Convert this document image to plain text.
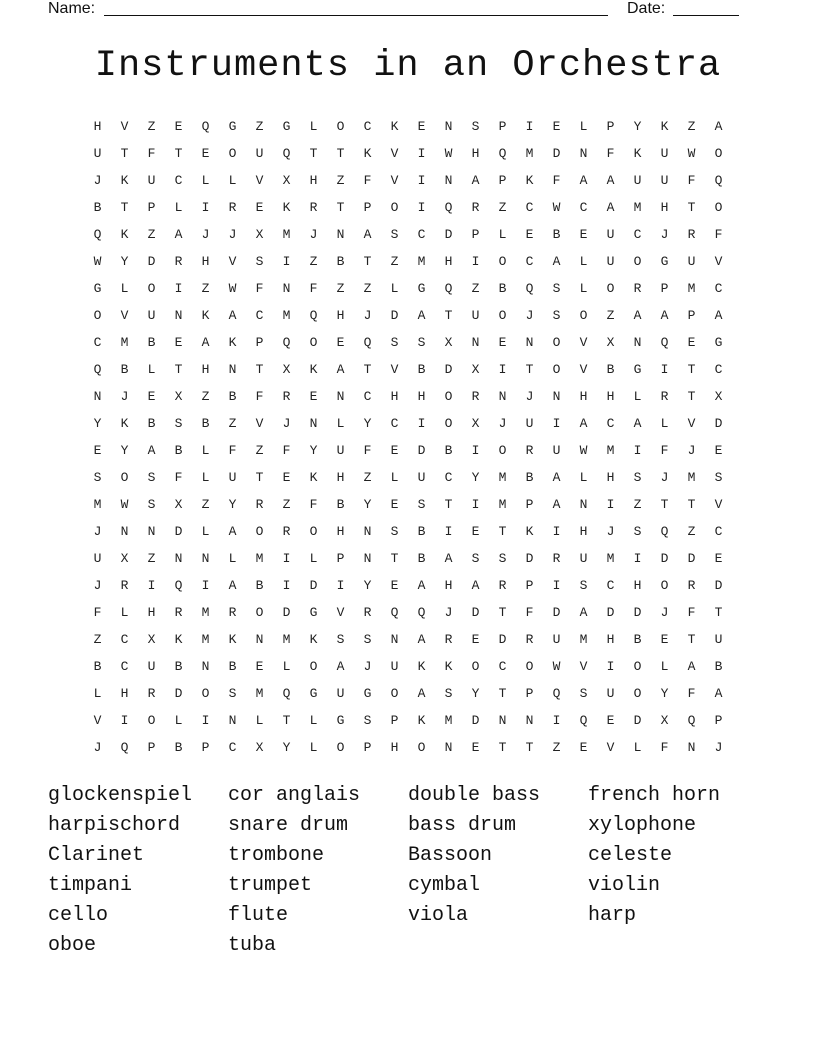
Name:	Date:
Instruments in an Orchestra
H	V	Z	E	Q	G	Z	G	L	O	C	K	E	N	S	P	I	E	L	P	Y	K	Z	A
U	T	F	T	E	O	U	Q	T	T	K	V	I	W	H	Q	M	D	N	F	K	U	W	O
J	K	U	C	L	L	V	X	H	Z	F	V	I	N	A	P	K	F	A	A	U	U	F	Q
B	T	P	L	I	R	E	K	R	T	P	O	I	Q	R	Z	C	W	C	A	M	H	T	O
Q	K	Z	A	J	J	X	M	J	N	A	S	C	D	P	L	E	B	E	U	C	J	R	F
W	Y	D	R	H	V	S	I	Z	B	T	Z	M	H	I	O	C	A	L	U	O	G	U	V
G	L	O	I	Z	W	F	N	F	Z	Z	L	G	Q	Z	B	Q	S	L	O	R	P	M	C
O	V	U	N	K	A	C	M	Q	H	J	D	A	T	U	O	J	S	O	Z	A	A	P	A
C	M	B	E	A	K	P	Q	O	E	Q	S	S	X	N	E	N	O	V	X	N	Q	E	G
Q	B	L	T	H	N	T	X	K	A	T	V	B	D	X	I	T	O	V	B	G	I	T	C
N	J	E	X	Z	B	F	R	E	N	C	H	H	O	R	N	J	N	H	H	L	R	T	X
Y	K	B	S	B	Z	V	J	N	L	Y	C	I	O	X	J	U	I	A	C	A	L	V	D
E	Y	A	B	L	F	Z	F	Y	U	F	E	D	B	I	O	R	U	W	M	I	F	J	E
S	O	S	F	L	U	T	E	K	H	Z	L	U	C	Y	M	B	A	L	H	S	J	M	S
M	W	S	X	Z	Y	R	Z	F	B	Y	E	S	T	I	M	P	A	N	I	Z	T	T	V
J	N	N	D	L	A	O	R	O	H	N	S	B	I	E	T	K	I	H	J	S	Q	Z	C
U	X	Z	N	N	L	M	I	L	P	N	T	B	A	S	S	D	R	U	M	I	D	D	E
J	R	I	Q	I	A	B	I	D	I	Y	E	A	H	A	R	P	I	S	C	H	O	R	D
F	L	H	R	M	R	O	D	G	V	R	Q	Q	J	D	T	F	D	A	D	D	J	F	T
Z	C	X	K	M	K	N	M	K	S	S	N	A	R	E	D	R	U	M	H	B	E	T	U
B	C	U	B	N	B	E	L	O	A	J	U	K	K	O	C	O	W	V	I	O	L	A	B
L	H	R	D	O	S	M	Q	G	U	G	O	A	S	Y	T	P	Q	S	U	O	Y	F	A
V	I	O	L	I	N	L	T	L	G	S	P	K	M	D	N	N	I	Q	E	D	X	Q	P
J	Q	P	B	P	C	X	Y	L	O	P	H	O	N	E	T	T	Z	E	V	L	F	N	J
glockenspiel	cor anglais	double bass	french horn
harpischord	snare drum	bass drum	xylophone
Clarinet	trombone	Bassoon	celeste
timpani	trumpet	cymbal	violin
cello	flute	viola	harp
oboe	tuba
